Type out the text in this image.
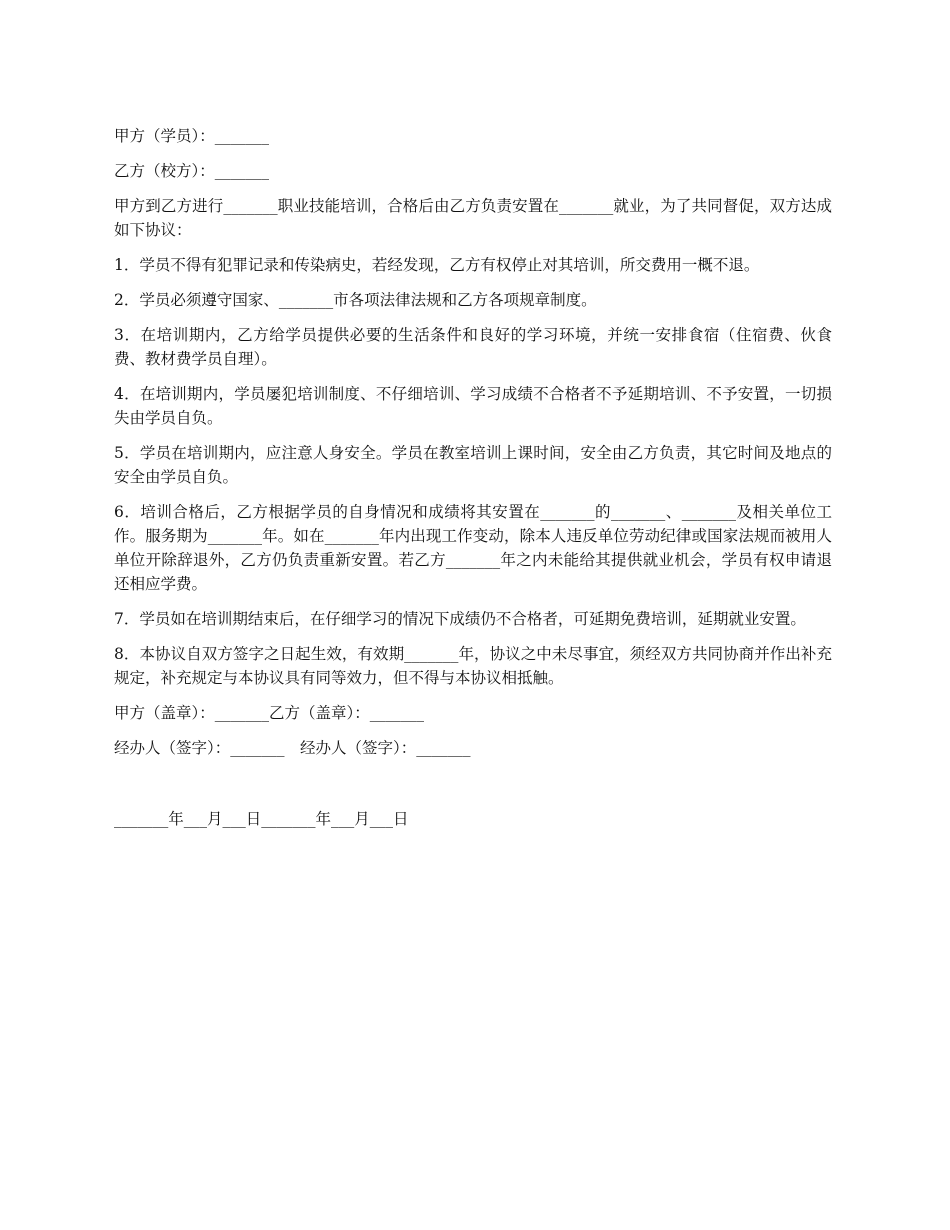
甲方（学员）：_______

乙方（校方）：_______

甲方到乙方进行_______职业技能培训，合格后由乙方负责安置在_______就业，为了共同督促，双方达成如下协议：

1．学员不得有犯罪记录和传染病史，若经发现，乙方有权停止对其培训，所交费用一概不退。

2．学员必须遵守国家、_______市各项法律法规和乙方各项规章制度。

3．在培训期内，乙方给学员提供必要的生活条件和良好的学习环境，并统一安排食宿（住宿费、伙食费、教材费学员自理）。

4．在培训期内，学员屡犯培训制度、不仔细培训、学习成绩不合格者不予延期培训、不予安置，一切损失由学员自负。

5．学员在培训期内，应注意人身安全。学员在教室培训上课时间，安全由乙方负责，其它时间及地点的安全由学员自负。

6．培训合格后，乙方根据学员的自身情况和成绩将其安置在_______的_______、_______及相关单位工作。服务期为_______年。如在_______年内出现工作变动，除本人违反单位劳动纪律或国家法规而被用人单位开除辞退外，乙方仍负责重新安置。若乙方_______年之内未能给其提供就业机会，学员有权申请退还相应学费。

7．学员如在培训期结束后，在仔细学习的情况下成绩仍不合格者，可延期免费培训，延期就业安置。

8．本协议自双方签字之日起生效，有效期_______年，协议之中未尽事宜，须经双方共同协商并作出补充规定，补充规定与本协议具有同等效力，但不得与本协议相抵触。

甲方（盖章）：_______乙方（盖章）：_______

经办人（签字）：_______　经办人（签字）：_______

_______年___月___日_______年___月___日
